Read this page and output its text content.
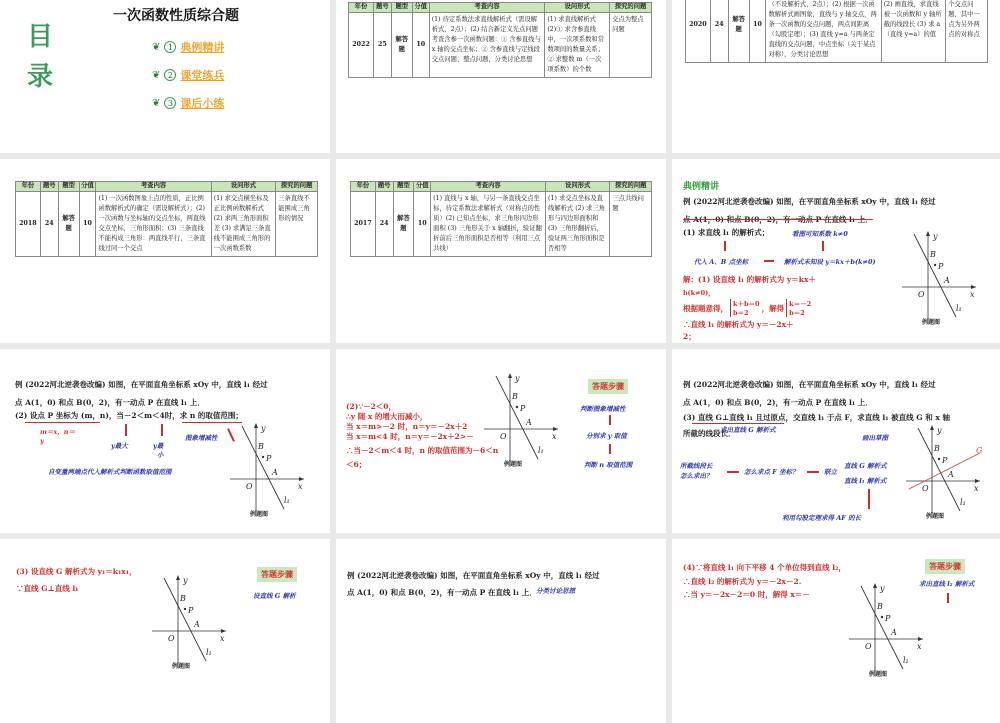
目
录
一次函数性质综合题
❦ 1 典例精讲
❦ 2 课堂练兵
❦ 3 课后小练
年份	题号	题型	分值	考查内容	设问形式	探究的问题
2022	25	解答题	10	(1) 待定系数法求直线解析式（需设解析式，2点）；(2) 结合新定义光点问题考查含参一次函数问题：① 含参直线与 x 轴的交点坐标；② 含参直线与定线段交点问题、整点问题，分类讨论思想	(1) 求直线解析式 (2)① 求含参直线中，一次项系数和常数项间的数量关系；② 求整数 m（一次项系数）的个数	交点为整点问题

2020	24	解答题	10	（不设解析式，2点）；(2) 根据一次函数解析式画图象，直线与 y 轴交点，两条一次函数的交点问题，两点间距离（勾股定理）；(3) 直线 y=a 与两条定直线的交点问题，中点坐标（关于某点对称），分类讨论思想	(2) 画直线，求直线被一次函数和 y 轴所截的线段长 (3) 求 a（直线 y=a）的值	个交点问题，其中一点为另外两点的对称点
年份	题号	题型	分值	考查内容	设问形式	探究的问题
2018	24	解答题	10	(1) 一次函数图象上点的性质，正比例函数解析式的确定（需设解析式）；(2) 一次函数与坐标轴的交点坐标，两直线交点坐标，三角形面积；(3) 三条直线不能构成三角形：两直线平行，三条直线过同一个交点	(1) 求交点横坐标及正比例函数解析式 (2) 求两三角形面积差 (3) 求满足三条直线不能围成三角形的一次函数系数	三条直线不能围成三角形的情况
年份	题号	题型	分值	考查内容	设问形式	探究的问题
2017	24	解答题	10	(1) 直线与 x 轴，与另一条直线交点坐标，待定系数法求解析式（对称点的性质）(2) 已知点坐标，求三角形四边形面积 (3) 三角形关于 x 轴翻折，验证翻折前后三角形面积是否相等（利用三点共线）	(1) 求交点坐标及直线解析式 (2) 求三角形与四边形面积和 (3) 三角形翻折后，验证两三角形面积是否相等	三点共线问题
典例精讲
例 (2022河北逆袭卷改编) 如图，在平面直角坐标系 xOy 中，直线 l₁ 经过
点 A(1，0) 和点 B(0，2)，有一动点 P 在直线 l₁ 上．
(1) 求直线 l₁ 的解析式；	看图可知系数 k≠0
代入 A、B 点坐标	解析式未知设 y＝kx＋b(k≠0)
解：(1) 设直线 l₁ 的解析式为 y＝kx＋
b(k≠0)，
根据题意得， k＋b＝0
b＝2
，解得 k＝－2
b＝2
∴直线 l₁ 的解析式为 y＝－2x＋
2；
y
x
O
B
P
A
l₁
例题图
例 (2022河北逆袭卷改编) 如图，在平面直角坐标系 xOy 中，直线 l₁ 经过
点 A(1，0) 和点 B(0，2)，有一动点 P 在直线 l₁ 上．
(2) 设点 P 坐标为 (m，n)，当－2＜m＜4时，求 n 的取值范围；
m＝x，n＝
y
y最大	y最
小
图象增减性
自变量两端点代入解析式判断函数取值范围
y
x
O
B
P
A
l₁
例题图
y
x
O
B
P
A
l₁
例题图
(2)∵－2＜0，
∴y 随 x 的增大而减小，
当 x＝m>－2 时，n＝y＝－2x＋2
当 x＝m<4 时，n＝y＝－2x＋2>－
∴当－2＜m＜4 时，n 的取值范围为－6＜n
＜6；
答题步骤
判断图象增减性
分别求 y 取值
判断 n 取值范围
例 (2022河北逆袭卷改编) 如图，在平面直角坐标系 xOy 中，直线 l₁ 经过
点 A(1，0) 和点 B(0，2)，有一动点 P 在直线 l₁ 上．
(3) 直线 G⊥直线 l₁ 且过原点，交直线 l₁ 于点 F，求直线 l₁ 被直线 G 和 x 轴
所截的线段长．
求出直线 G 解析式
画出草图
所截线段长
怎么求出？	怎么求点 F 坐标？	联立
直线 G 解析式
直线 l₁ 解析式
利用勾股定理求得 AF 的长
G
y
x
O
B
P
A
l₁
例题图
(3) 设直线 G 解析式为 y₁＝k₁x₁，
∵直线 G⊥直线 l₁
y
x
O
B
P
A
l₁
例题图
答题步骤
设直线 G 解析
例 (2022河北逆袭卷改编) 如图，在平面直角坐标系 xOy 中，直线 l₁ 经过
点 A(1，0) 和点 B(0，2)，有一动点 P 在直线 l₁ 上． 分类讨论思想
(4)∵将直线 l₁ 向下平移 4 个单位得到直线 l₂，
∴直线 l₂ 的解析式为 y＝－2x－2.
∴当 y＝－2x－2＝0 时，解得 x＝－
y
x
O
B
P
A
l₁
例题图
答题步骤
求出直线 l₂ 解析式
